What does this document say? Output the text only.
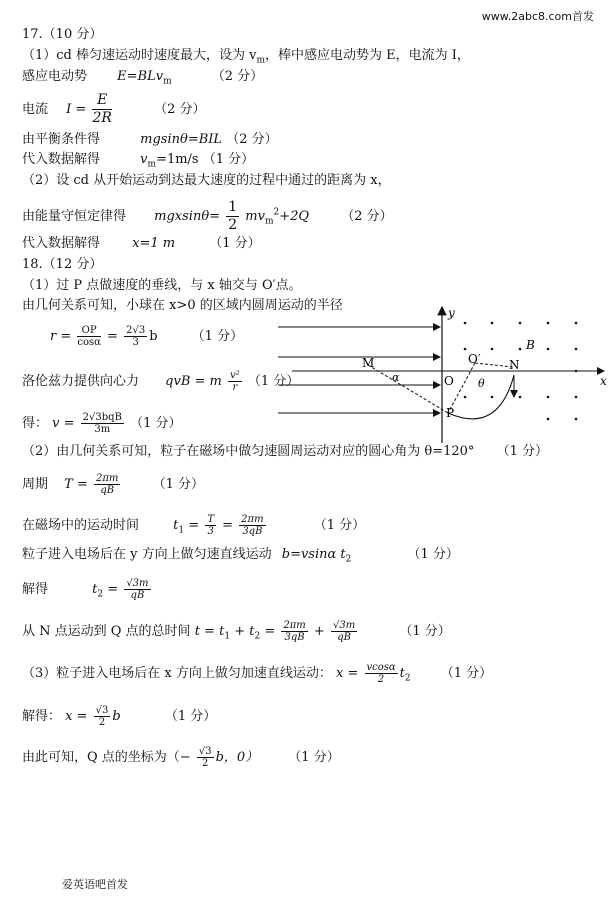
www.2abc8.com首发
17.（10 分）
（1）cd 棒匀速运动时速度最大，设为 $v_m$，棒中感应电动势为 E，电流为 I，
感应电动势 E=BLv$_m$	（2 分）
电流 $I = \frac{E}{2R}$	（2 分）
由平衡条件得	mgsinθ=BIL （2 分）
代入数据解得	$v_m=1m/s$ （1 分）
（2）设 cd 从开始运动到达最大速度的过程中通过的距离为 x，
由能量守恒定律得 $mgxsin\theta= \frac{1}{2} mv_m^2+2Q$ （2 分）
代入数据解得 x=1 m	（1 分）
18.（12 分）
（1）过 P 点做速度的垂线，与 x 轴交与 O′点。
由几何关系可知，小球在 x>0 的区域内圆周运动的半径
$r = \frac{OP}{\cos\alpha} = \frac{2√3}{3}$ b	（1 分）
洛伦兹力提供向心力 qvB = m $\frac{\text{v²}}{r} (1$ 分）
得： $v = \frac{\text{2√3bqB}}{3m} (1$ 分）
（2）由几何关系可知，粒子在磁场中做匀速圆周运动对应的圆心角为 θ=120° （1 分）
周期 $T = \frac{2\pi m}{qB} (1$ 分）
在磁场中的运动时间	$t_1 = \frac{T}{3} = \frac{2\pi m}{3qB}$	（1 分）
粒子进入电场后在 y 方向上做匀速直线运动 b=vsinα $t_2$	（1 分）
解得	$t_2 = \frac{√3m}{qB}$
从 N 点运动到 Q 点的总时间 $t = t_1 + t_2 = \frac{2\pi m}{3qB} + \frac{√3m}{qB}$	（1 分）
（3）粒子进入电场后在 x 方向上做匀加速直线运动： $x = \frac{vcos\alpha}{2} t_2$ （1 分）
解得： $x = \frac{√3}{2}$ b	（1 分）
由此可知，Q 点的坐标为（− $\frac{√3}{2}$ b，0） （1 分）
爱英语吧首发
y
x
M
O
O′ N
P
B
α	θ
